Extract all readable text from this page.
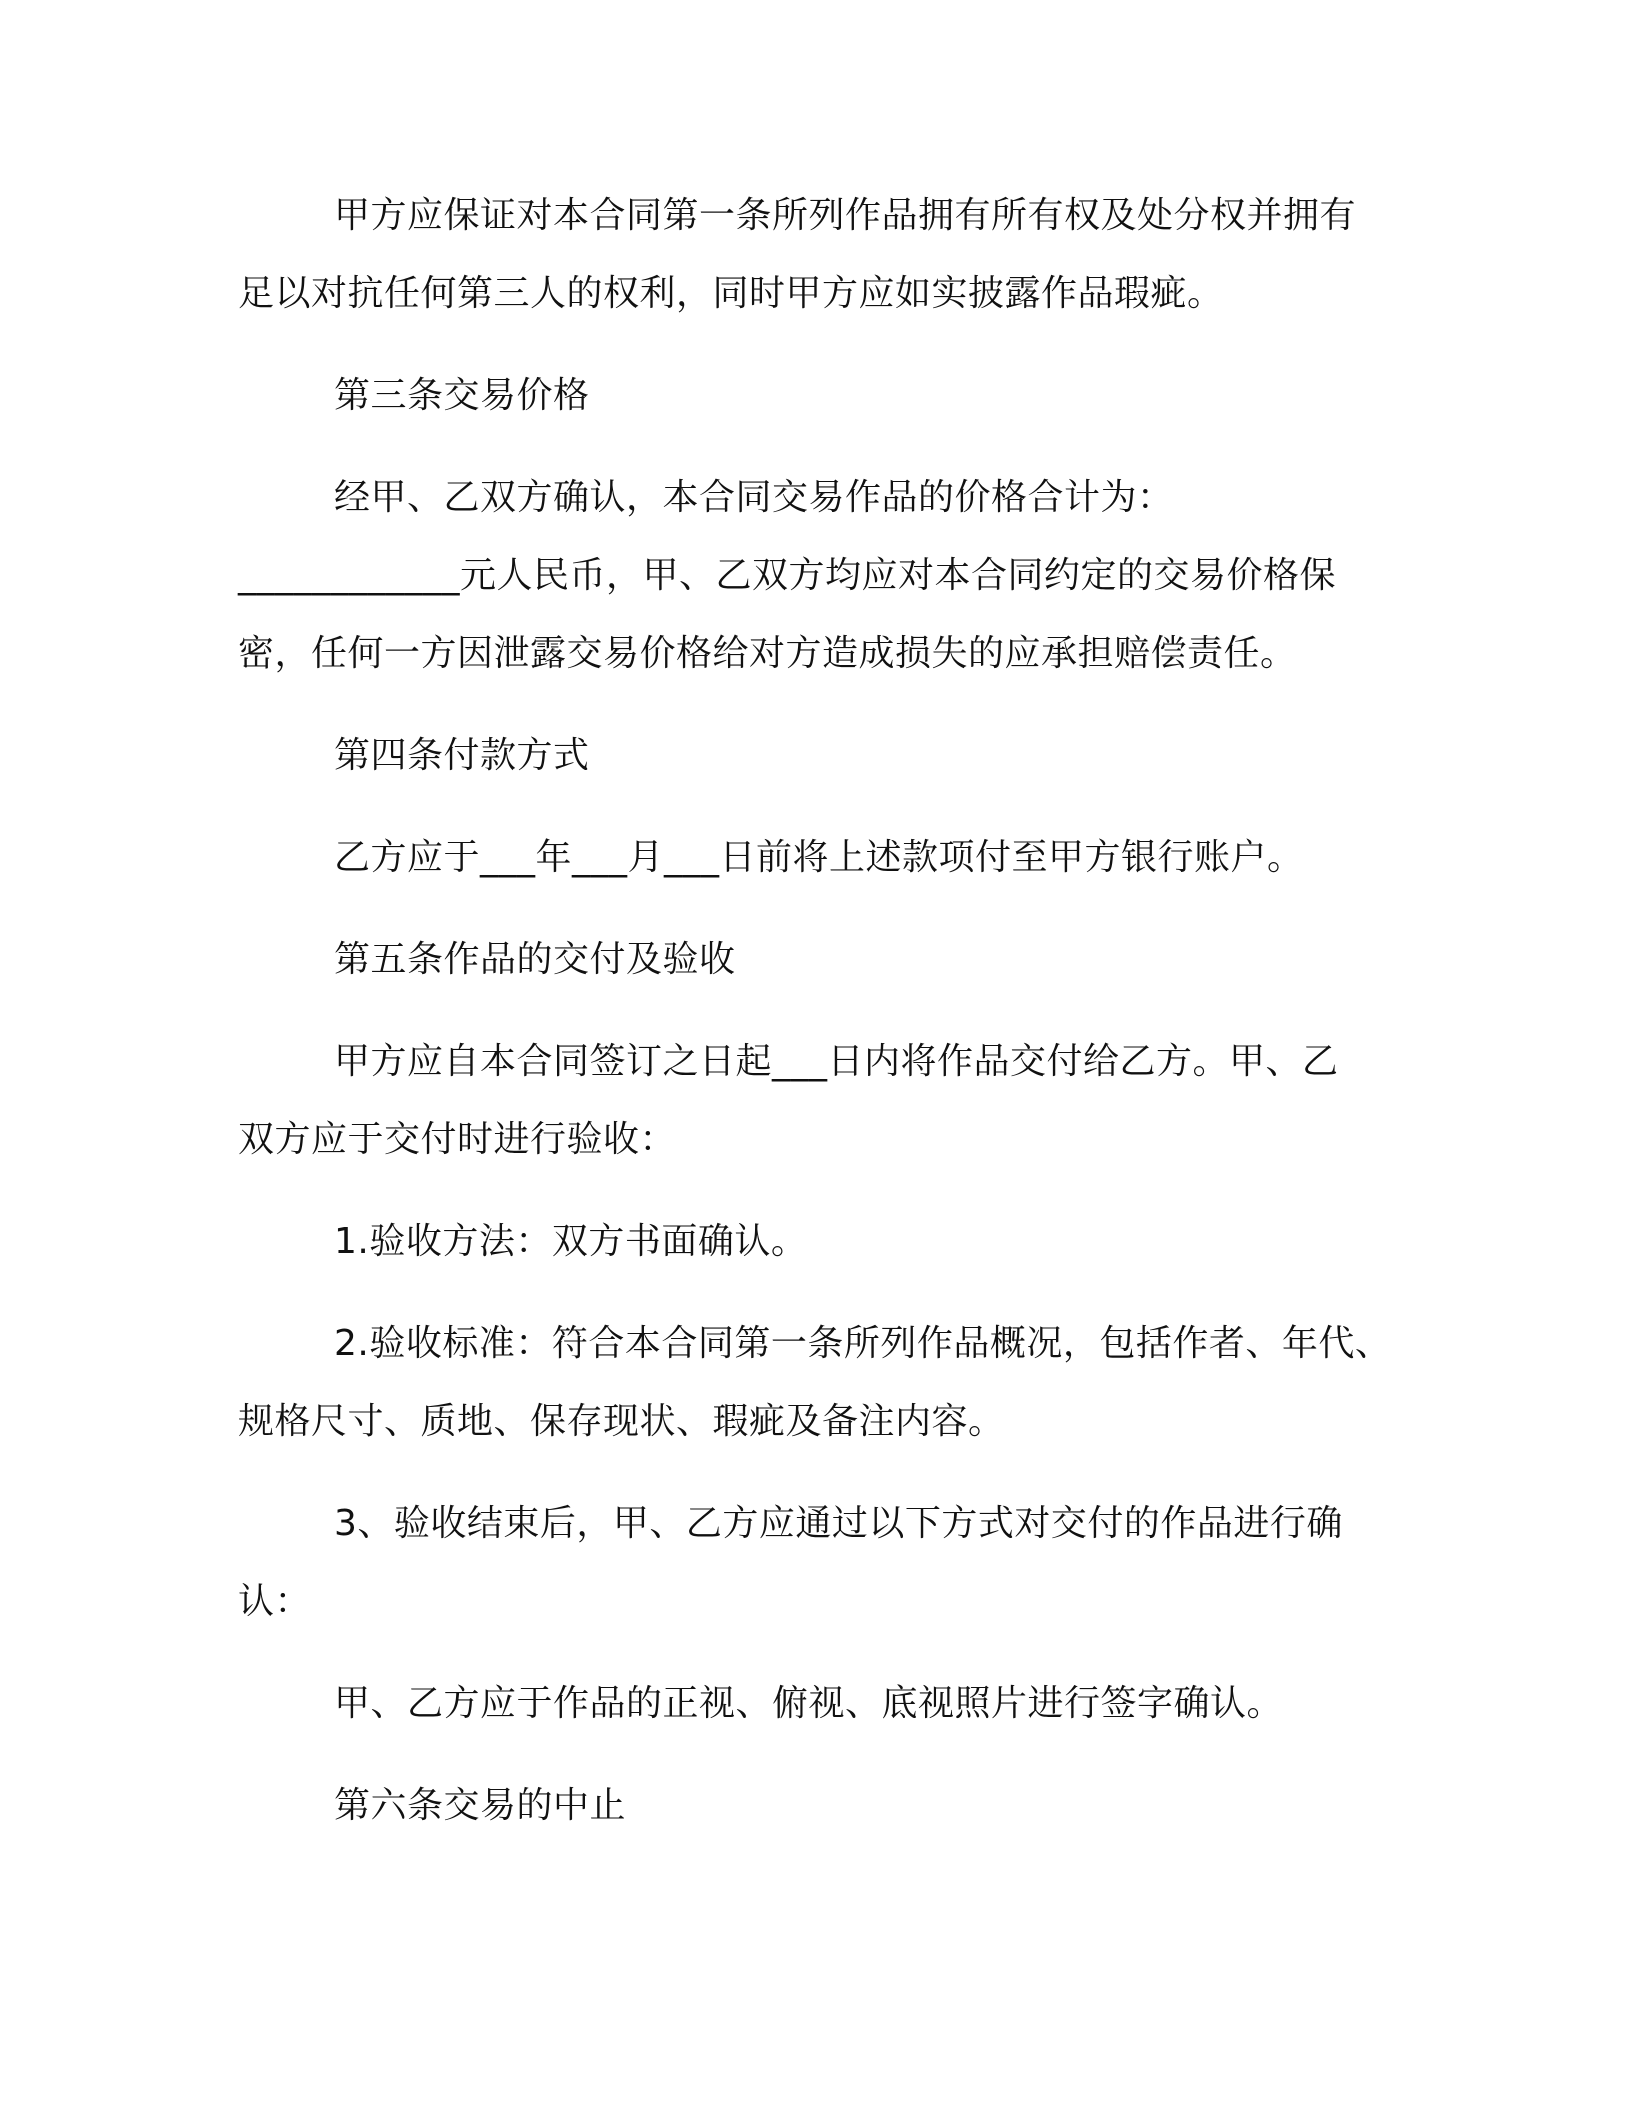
甲方应保证对本合同第一条所列作品拥有所有权及处分权并拥有
足以对抗任何第三人的权利，同时甲方应如实披露作品瑕疵。
第三条交易价格
经甲、乙双方确认，本合同交易作品的价格合计为：
____________元人民币，甲、乙双方均应对本合同约定的交易价格保
密，任何一方因泄露交易价格给对方造成损失的应承担赔偿责任。
第四条付款方式
乙方应于___年___月___日前将上述款项付至甲方银行账户。
第五条作品的交付及验收
甲方应自本合同签订之日起___日内将作品交付给乙方。甲、乙
双方应于交付时进行验收：
1.验收方法：双方书面确认。
2.验收标准：符合本合同第一条所列作品概况，包括作者、年代、
规格尺寸、质地、保存现状、瑕疵及备注内容。
3、验收结束后，甲、乙方应通过以下方式对交付的作品进行确
认：
甲、乙方应于作品的正视、俯视、底视照片进行签字确认。
第六条交易的中止
